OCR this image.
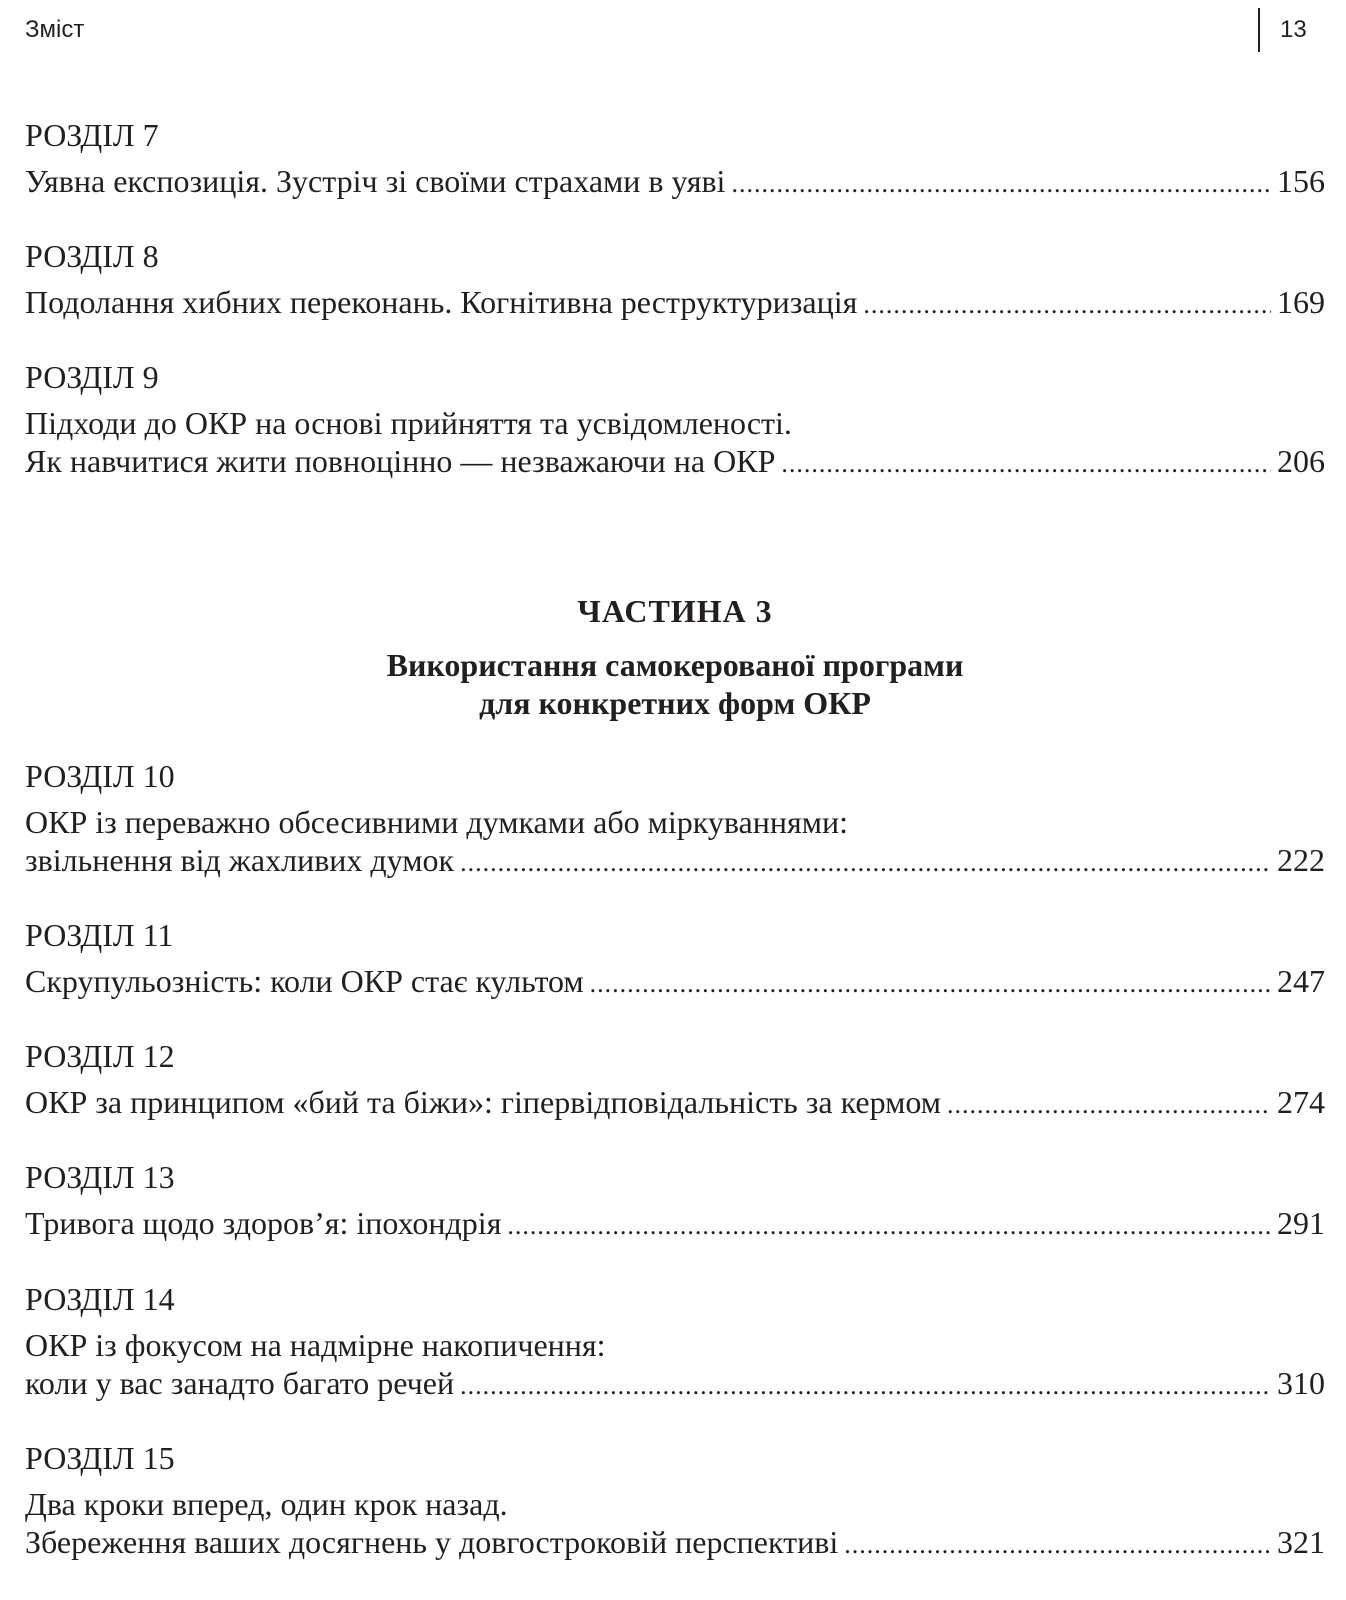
Зміст	13
РОЗДІЛ 7
Уявна експозиція. Зустріч зі своїми страхами в уяві .....	156
РОЗДІЛ 8
Подолання хибних переконань. Когнітивна реструктуризація .....	169
РОЗДІЛ 9
Підходи до ОКР на основі прийняття та усвідомленості.
Як навчитися жити повноцінно — незважаючи на ОКР .....	206
ЧАСТИНА 3
Використання самокерованої програми
для конкретних форм ОКР
РОЗДІЛ 10
ОКР із переважно обсесивними думками або міркуваннями:
звільнення від жахливих думок .....	222
РОЗДІЛ 11
Скрупульозність: коли ОКР стає культом .....	247
РОЗДІЛ 12
ОКР за принципом «бий та біжи»: гіпервідповідальність за кермом .....	274
РОЗДІЛ 13
Тривога щодо здоров’я: іпохондрія .....	291
РОЗДІЛ 14
ОКР із фокусом на надмірне накопичення:
коли у вас занадто багато речей .....	310
РОЗДІЛ 15
Два кроки вперед, один крок назад.
Збереження ваших досягнень у довгостроковій перспективі .....	321
